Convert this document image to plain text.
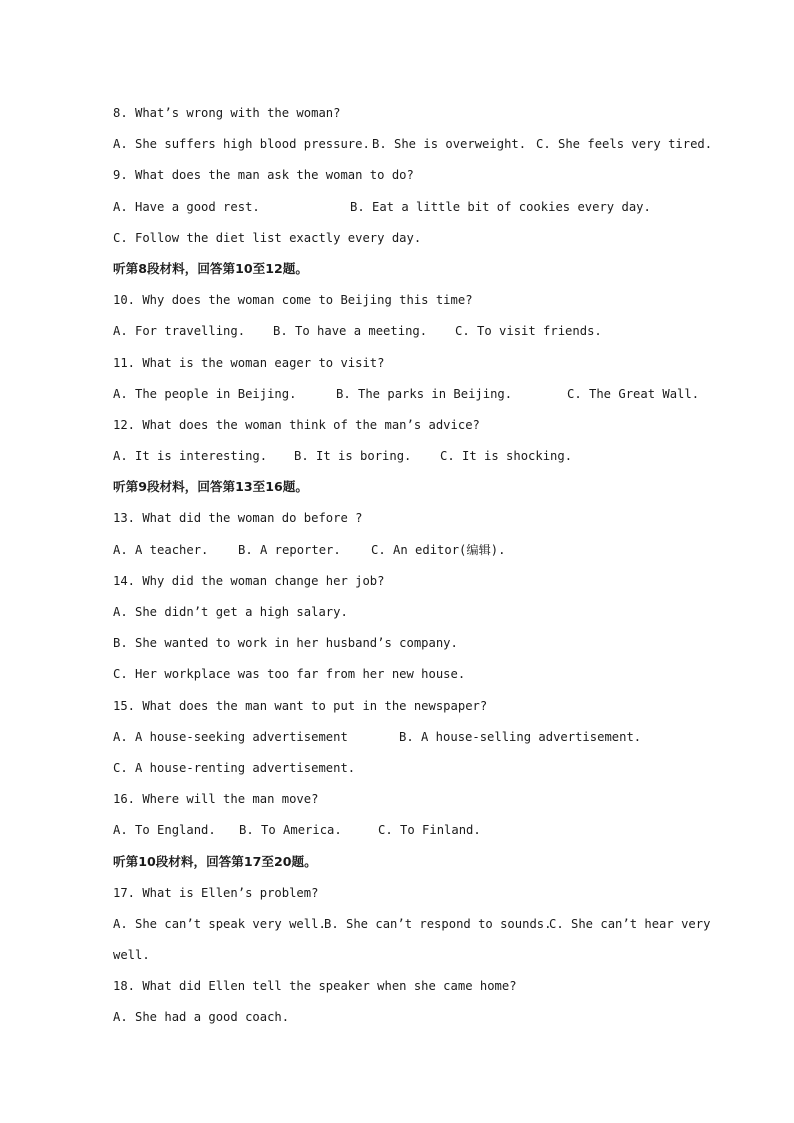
8. What’s wrong with the woman?
A. She suffers high blood pressure. B. She is overweight. C. She feels very tired.
9. What does the man ask the woman to do?
A. Have a good rest.	B. Eat a little bit of cookies every day.
C. Follow the diet list exactly every day.
听第8段材料，回答第10至12题。
10. Why does the woman come to Beijing this time?
A. For travelling.	B. To have a meeting.	C. To visit friends.
11. What is the woman eager to visit?
A. The people in Beijing.	B. The parks in Beijing.	C. The Great Wall.
12. What does the woman think of the man’s advice?
A. It is interesting.	B. It is boring.	C. It is shocking.
听第9段材料，回答第13至16题。
13. What did the woman do before ?
A. A teacher.	B. A reporter.	C. An editor(编辑).
14. Why did the woman change her job?
A. She didn’t get a high salary.
B. She wanted to work in her husband’s company.
C. Her workplace was too far from her new house.
15. What does the man want to put in the newspaper?
A. A house-seeking advertisement	B. A house-selling advertisement.
C. A house-renting advertisement.
16. Where will the man move?
A. To England.	B. To America.	C. To Finland.
听第10段材料，回答第17至20题。
17. What is Ellen’s problem?
A. She can’t speak very well.
B. She can’t respond to sounds.
C. She can’t hear very
well.
18. What did Ellen tell the speaker when she came home?
A. She had a good coach.
